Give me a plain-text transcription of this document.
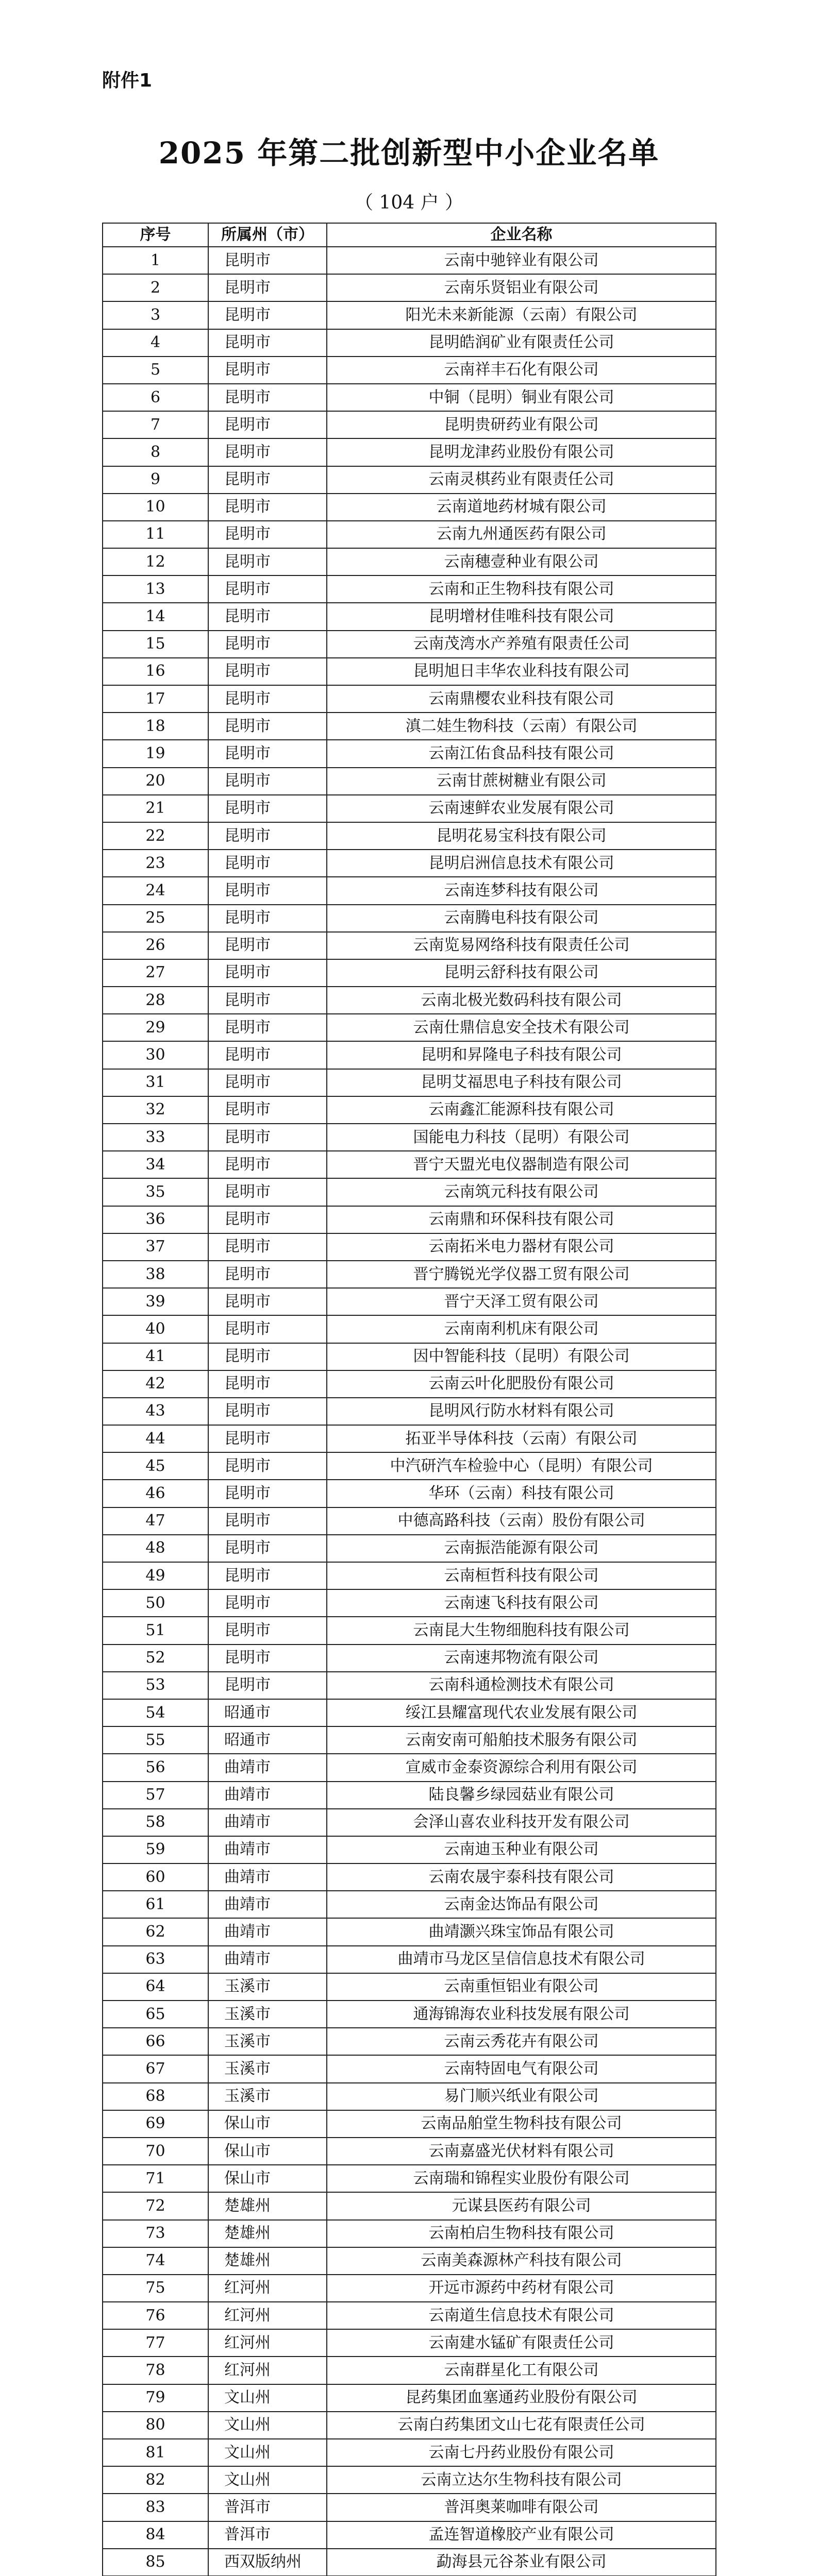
附件1
2025 年第二批创新型中小企业名单
（ 104 户 ）
序号	所属州（市）	企业名称
1	昆明市	云南中驰锌业有限公司
2	昆明市	云南乐贤铝业有限公司
3	昆明市	阳光未来新能源（云南）有限公司
4	昆明市	昆明皓润矿业有限责任公司
5	昆明市	云南祥丰石化有限公司
6	昆明市	中铜（昆明）铜业有限公司
7	昆明市	昆明贵研药业有限公司
8	昆明市	昆明龙津药业股份有限公司
9	昆明市	云南灵棋药业有限责任公司
10	昆明市	云南道地药材城有限公司
11	昆明市	云南九州通医药有限公司
12	昆明市	云南穗壹种业有限公司
13	昆明市	云南和正生物科技有限公司
14	昆明市	昆明增材佳唯科技有限公司
15	昆明市	云南茂湾水产养殖有限责任公司
16	昆明市	昆明旭日丰华农业科技有限公司
17	昆明市	云南鼎樱农业科技有限公司
18	昆明市	滇二娃生物科技（云南）有限公司
19	昆明市	云南江佑食品科技有限公司
20	昆明市	云南甘蔗树糖业有限公司
21	昆明市	云南速鲜农业发展有限公司
22	昆明市	昆明花易宝科技有限公司
23	昆明市	昆明启洲信息技术有限公司
24	昆明市	云南连梦科技有限公司
25	昆明市	云南腾电科技有限公司
26	昆明市	云南览易网络科技有限责任公司
27	昆明市	昆明云舒科技有限公司
28	昆明市	云南北极光数码科技有限公司
29	昆明市	云南仕鼎信息安全技术有限公司
30	昆明市	昆明和昇隆电子科技有限公司
31	昆明市	昆明艾福思电子科技有限公司
32	昆明市	云南鑫汇能源科技有限公司
33	昆明市	国能电力科技（昆明）有限公司
34	昆明市	晋宁天盟光电仪器制造有限公司
35	昆明市	云南筑元科技有限公司
36	昆明市	云南鼎和环保科技有限公司
37	昆明市	云南拓米电力器材有限公司
38	昆明市	晋宁腾锐光学仪器工贸有限公司
39	昆明市	晋宁天泽工贸有限公司
40	昆明市	云南南利机床有限公司
41	昆明市	因中智能科技（昆明）有限公司
42	昆明市	云南云叶化肥股份有限公司
43	昆明市	昆明风行防水材料有限公司
44	昆明市	拓亚半导体科技（云南）有限公司
45	昆明市	中汽研汽车检验中心（昆明）有限公司
46	昆明市	华环（云南）科技有限公司
47	昆明市	中德高路科技（云南）股份有限公司
48	昆明市	云南振浩能源有限公司
49	昆明市	云南桓哲科技有限公司
50	昆明市	云南速飞科技有限公司
51	昆明市	云南昆大生物细胞科技有限公司
52	昆明市	云南速邦物流有限公司
53	昆明市	云南科通检测技术有限公司
54	昭通市	绥江县耀富现代农业发展有限公司
55	昭通市	云南安南可船舶技术服务有限公司
56	曲靖市	宣威市金泰资源综合利用有限公司
57	曲靖市	陆良馨乡绿园菇业有限公司
58	曲靖市	会泽山喜农业科技开发有限公司
59	曲靖市	云南迪玉种业有限公司
60	曲靖市	云南农晟宇泰科技有限公司
61	曲靖市	云南金达饰品有限公司
62	曲靖市	曲靖灏兴珠宝饰品有限公司
63	曲靖市	曲靖市马龙区呈信信息技术有限公司
64	玉溪市	云南重恒铝业有限公司
65	玉溪市	通海锦海农业科技发展有限公司
66	玉溪市	云南云秀花卉有限公司
67	玉溪市	云南特固电气有限公司
68	玉溪市	易门顺兴纸业有限公司
69	保山市	云南品舶堂生物科技有限公司
70	保山市	云南嘉盛光伏材料有限公司
71	保山市	云南瑞和锦程实业股份有限公司
72	楚雄州	元谋县医药有限公司
73	楚雄州	云南柏启生物科技有限公司
74	楚雄州	云南美森源林产科技有限公司
75	红河州	开远市源药中药材有限公司
76	红河州	云南道生信息技术有限公司
77	红河州	云南建水锰矿有限责任公司
78	红河州	云南群星化工有限公司
79	文山州	昆药集团血塞通药业股份有限公司
80	文山州	云南白药集团文山七花有限责任公司
81	文山州	云南七丹药业股份有限公司
82	文山州	云南立达尔生物科技有限公司
83	普洱市	普洱奥莱咖啡有限公司
84	普洱市	孟连智道橡胶产业有限公司
85	西双版纳州	勐海县元谷茶业有限公司
